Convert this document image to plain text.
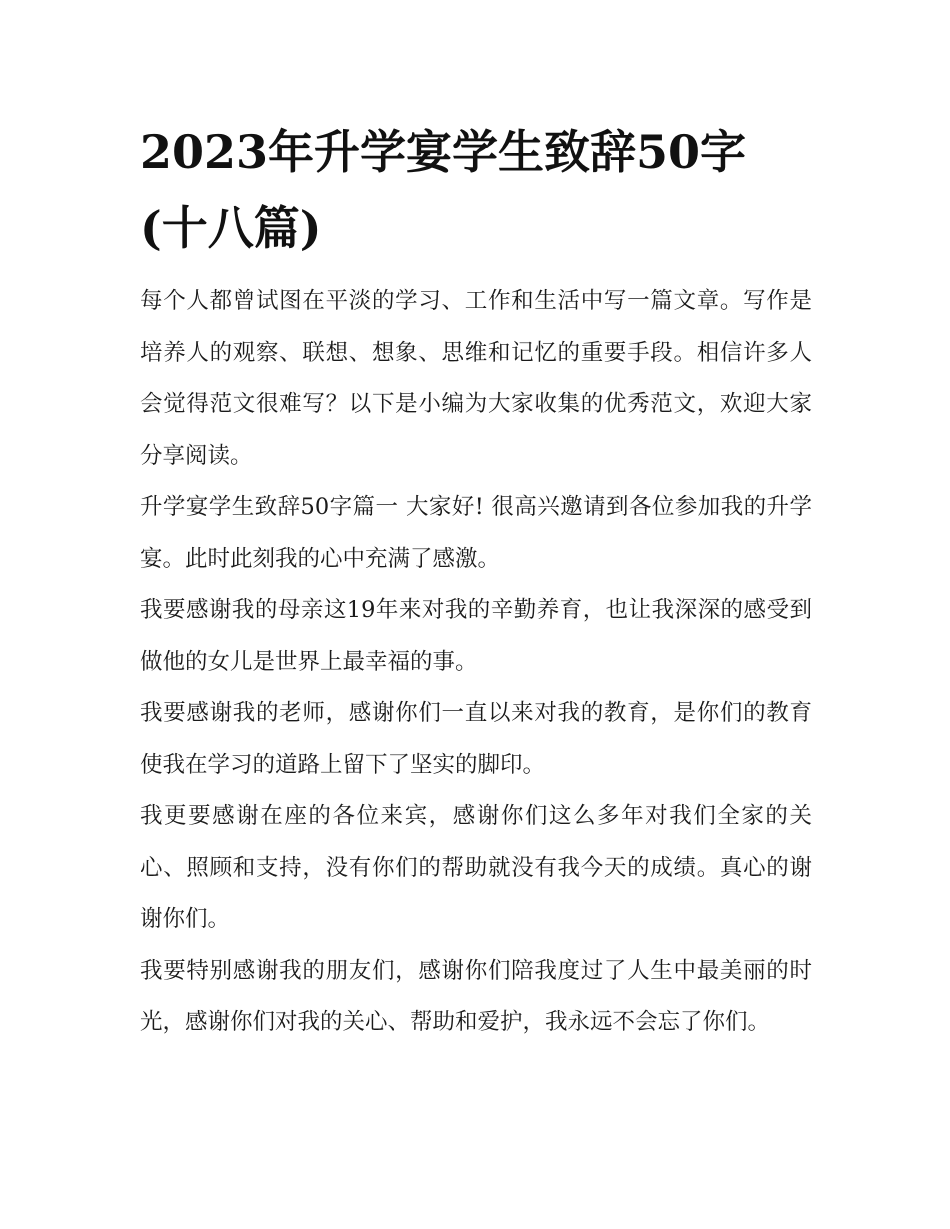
2023年升学宴学生致辞50字(十八篇)

每个人都曾试图在平淡的学习、工作和生活中写一篇文章。写作是培养人的观察、联想、想象、思维和记忆的重要手段。相信许多人会觉得范文很难写？以下是小编为大家收集的优秀范文，欢迎大家分享阅读。

升学宴学生致辞50字篇一 大家好! 很高兴邀请到各位参加我的升学宴。此时此刻我的心中充满了感激。

我要感谢我的母亲这19年来对我的辛勤养育，也让我深深的感受到做他的女儿是世界上最幸福的事。

我要感谢我的老师，感谢你们一直以来对我的教育，是你们的教育使我在学习的道路上留下了坚实的脚印。

我更要感谢在座的各位来宾，感谢你们这么多年对我们全家的关心、照顾和支持，没有你们的帮助就没有我今天的成绩。真心的谢谢你们。

我要特别感谢我的朋友们，感谢你们陪我度过了人生中最美丽的时光，感谢你们对我的关心、帮助和爱护，我永远不会忘了你们。
